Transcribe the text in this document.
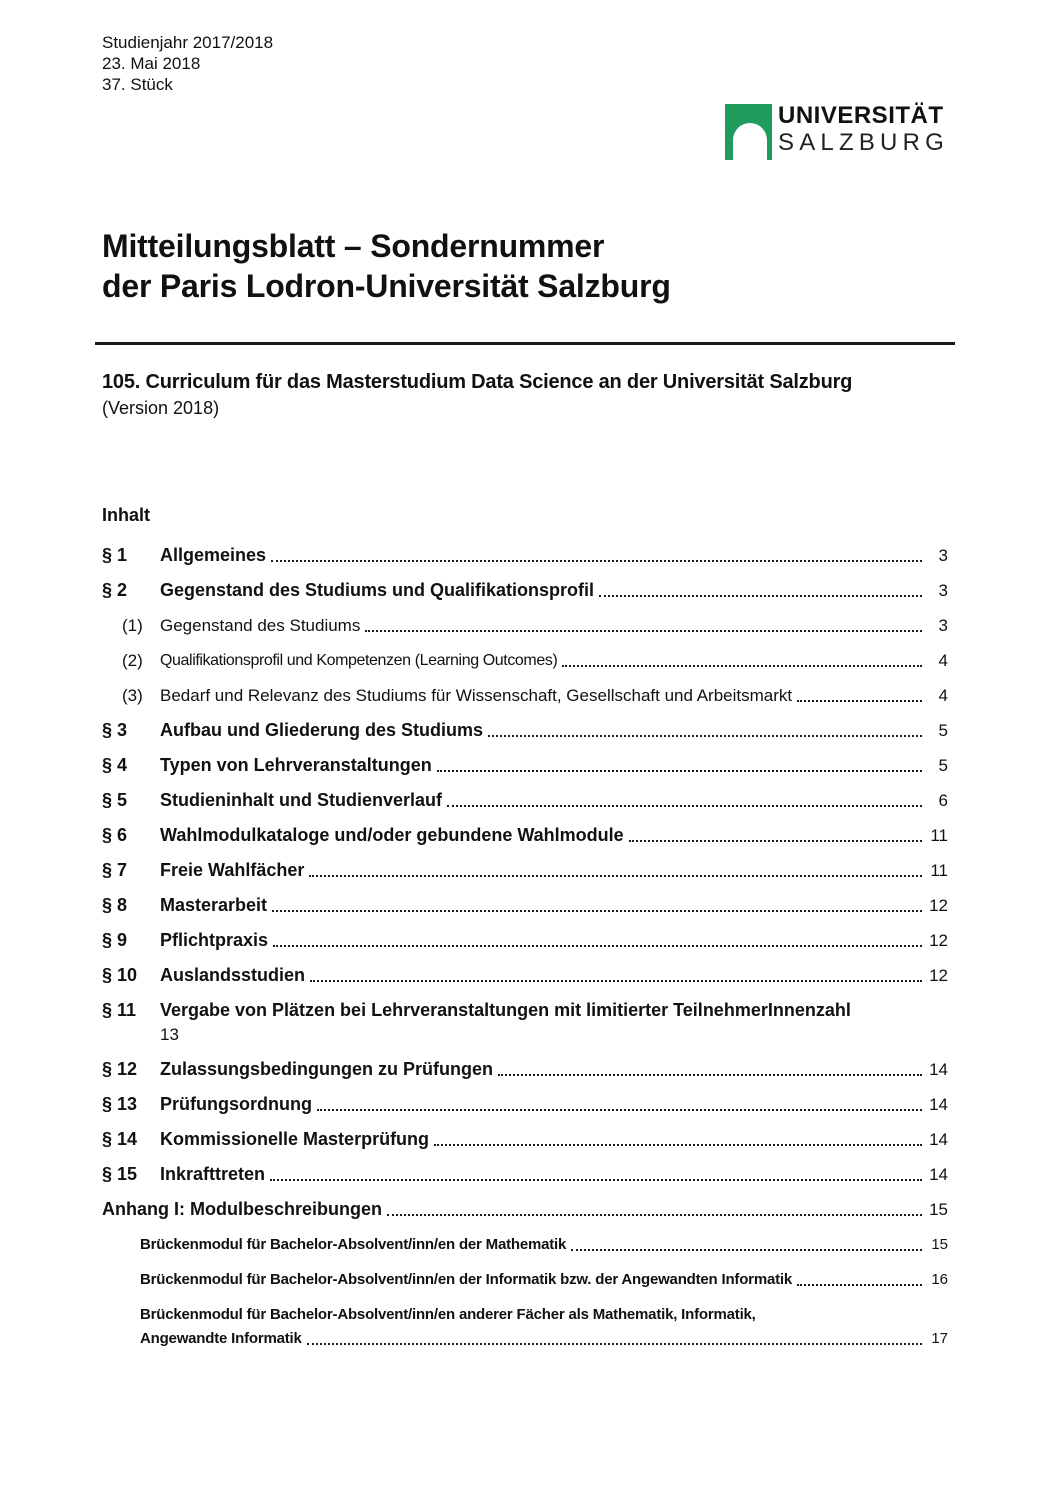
Studienjahr 2017/2018
23. Mai 2018
37. Stück
UNIVERSITÄT
SALZBURG
Mitteilungsblatt – Sondernummer
der Paris Lodron-Universität Salzburg
105. Curriculum für das Masterstudium Data Science an der Universität Salzburg
(Version 2018)
Inhalt
§ 1	Allgemeines	3
§ 2	Gegenstand des Studiums und Qualifikationsprofil	3
(1)	Gegenstand des Studiums	3
(2)	Qualifikationsprofil und Kompetenzen (Learning Outcomes)	4
(3)	Bedarf und Relevanz des Studiums für Wissenschaft, Gesellschaft und Arbeitsmarkt	4
§ 3	Aufbau und Gliederung des Studiums	5
§ 4	Typen von Lehrveranstaltungen	5
§ 5	Studieninhalt und Studienverlauf	6
§ 6	Wahlmodulkataloge und/oder gebundene Wahlmodule	11
§ 7	Freie Wahlfächer	11
§ 8	Masterarbeit	12
§ 9	Pflichtpraxis	12
§ 10	Auslandsstudien	12
§ 11	Vergabe von Plätzen bei Lehrveranstaltungen mit limitierter TeilnehmerInnenzahl
13
§ 12	Zulassungsbedingungen zu Prüfungen	14
§ 13	Prüfungsordnung	14
§ 14	Kommissionelle Masterprüfung	14
§ 15	Inkrafttreten	14
Anhang I: Modulbeschreibungen	15
Brückenmodul für Bachelor-Absolvent/inn/en der Mathematik	15
Brückenmodul für Bachelor-Absolvent/inn/en der Informatik bzw. der Angewandten Informatik	16
Brückenmodul für Bachelor-Absolvent/inn/en anderer Fächer als Mathematik, Informatik,
Angewandte Informatik	17
